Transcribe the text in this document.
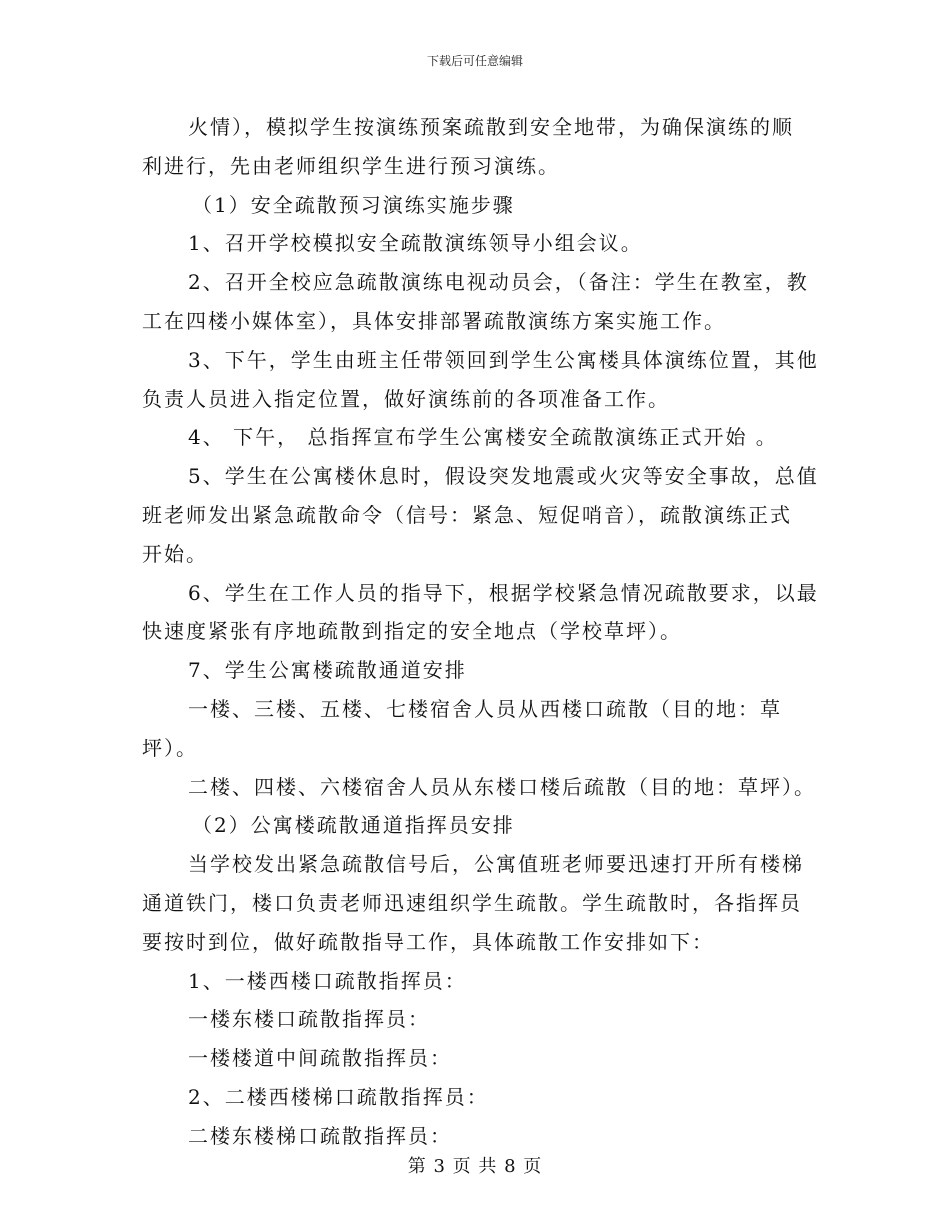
下载后可任意编辑
火情），模拟学生按演练预案疏散到安全地带，为确保演练的顺
利进行，先由老师组织学生进行预习演练。
（1）安全疏散预习演练实施步骤
1、召开学校模拟安全疏散演练领导小组会议。
2、召开全校应急疏散演练电视动员会，（备注：学生在教室，教
工在四楼小媒体室），具体安排部署疏散演练方案实施工作。
3、下午，学生由班主任带领回到学生公寓楼具体演练位置，其他
负责人员进入指定位置，做好演练前的各项准备工作。
4、 下午， 总指挥宣布学生公寓楼安全疏散演练正式开始 。
5、学生在公寓楼休息时，假设突发地震或火灾等安全事故，总值
班老师发出紧急疏散命令（信号：紧急、短促哨音），疏散演练正式
开始。
6、学生在工作人员的指导下，根据学校紧急情况疏散要求，以最
快速度紧张有序地疏散到指定的安全地点（学校草坪）。
7、学生公寓楼疏散通道安排
一楼、三楼、五楼、七楼宿舍人员从西楼口疏散（目的地：草
坪）。
二楼、四楼、六楼宿舍人员从东楼口楼后疏散（目的地：草坪）。
（2）公寓楼疏散通道指挥员安排
当学校发出紧急疏散信号后，公寓值班老师要迅速打开所有楼梯
通道铁门，楼口负责老师迅速组织学生疏散。学生疏散时，各指挥员
要按时到位，做好疏散指导工作，具体疏散工作安排如下：
1、一楼西楼口疏散指挥员：
一楼东楼口疏散指挥员：
一楼楼道中间疏散指挥员：
2、二楼西楼梯口疏散指挥员：
二楼东楼梯口疏散指挥员：
第 3 页 共 8 页
